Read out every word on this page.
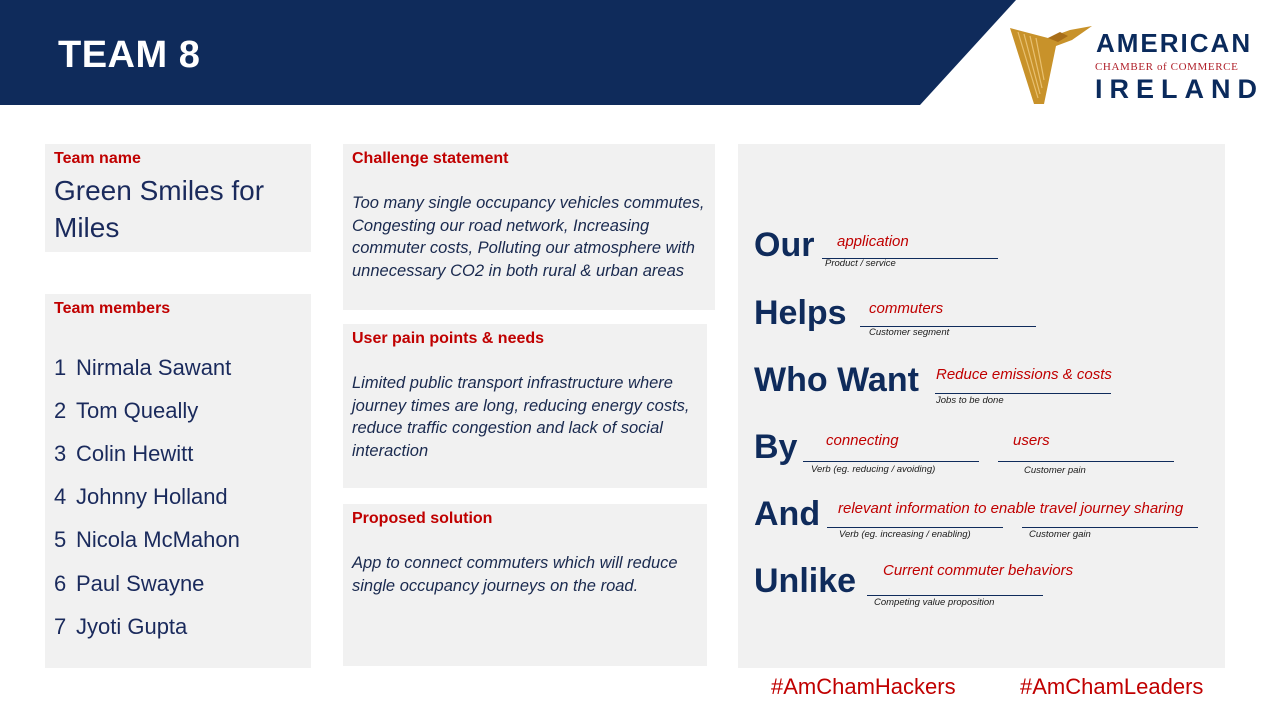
TEAM 8	AMERICAN
CHAMBER of COMMERCE
IRELAND
Team name
Green Smiles for Miles
Team members
1 Nirmala Sawant
2 Tom Queally
3 Colin Hewitt
4 Johnny Holland
5 Nicola McMahon
6 Paul Swayne
7 Jyoti Gupta
Challenge statement
Too many single occupancy vehicles commutes, Congesting our road network, Increasing commuter costs, Polluting our atmosphere with unnecessary CO2 in both rural & urban areas
User pain points & needs
Limited public transport infrastructure where journey times are long, reducing energy costs, reduce traffic congestion and lack of social interaction
Proposed solution
App to connect commuters which will reduce single occupancy journeys on the road.
Our application
Product / service
Helps commuters
Customer segment
Who Want Reduce emissions & costs
Jobs to be done
By connecting
Verb (eg. reducing / avoiding)
users
Customer pain
And relevant information to enable travel journey sharing
Verb (eg. increasing / enabling)	Customer gain
Unlike Current commuter behaviors
Competing value proposition
#AmChamHackers	#AmChamLeaders
